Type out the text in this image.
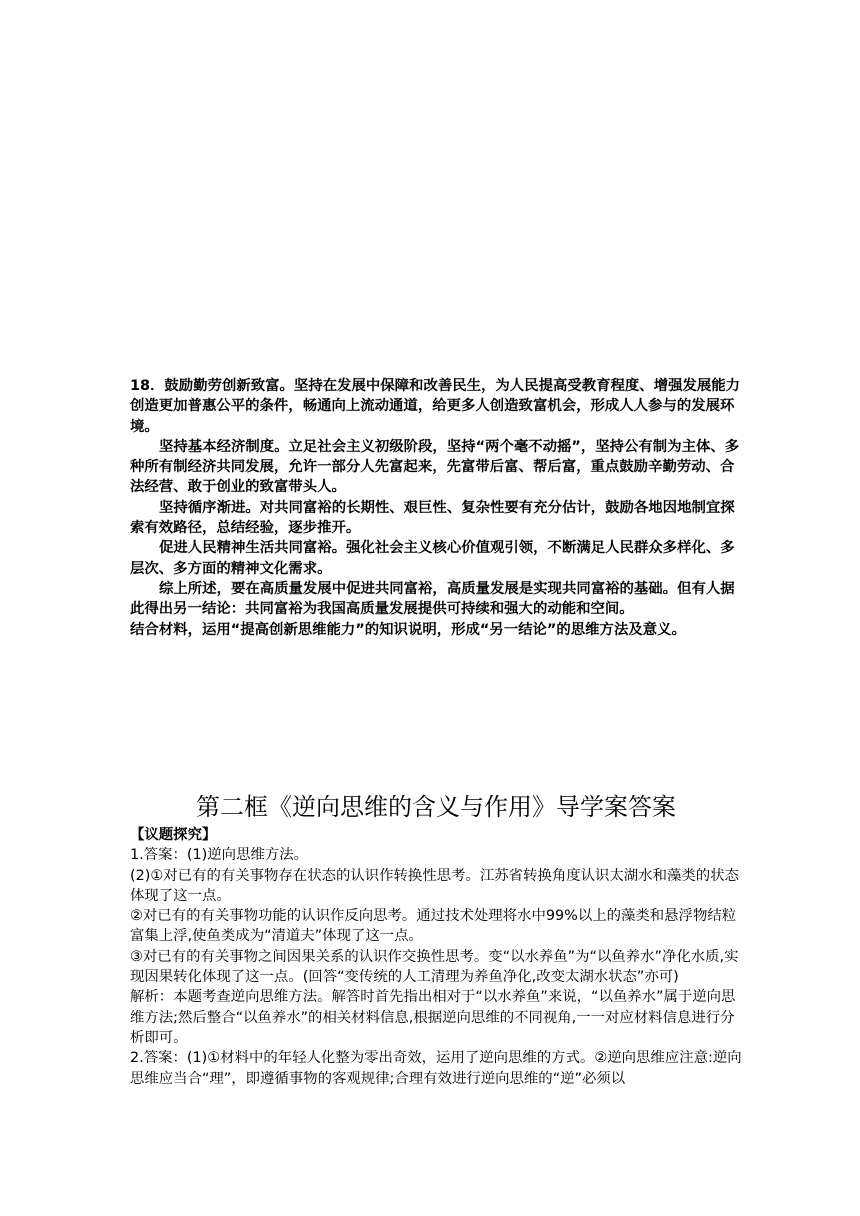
18．鼓励勤劳创新致富。坚持在发展中保障和改善民生，为人民提高受教育程度、增强发展能力创造更加普惠公平的条件，畅通向上流动通道，给更多人创造致富机会，形成人人参与的发展环境。

坚持基本经济制度。立足社会主义初级阶段，坚持“两个毫不动摇”，坚持公有制为主体、多种所有制经济共同发展，允许一部分人先富起来，先富带后富、帮后富，重点鼓励辛勤劳动、合法经营、敢于创业的致富带头人。

坚持循序渐进。对共同富裕的长期性、艰巨性、复杂性要有充分估计，鼓励各地因地制宜探索有效路径，总结经验，逐步推开。

促进人民精神生活共同富裕。强化社会主义核心价值观引领，不断满足人民群众多样化、多层次、多方面的精神文化需求。

综上所述，要在高质量发展中促进共同富裕，高质量发展是实现共同富裕的基础。但有人据此得出另一结论：共同富裕为我国高质量发展提供可持续和强大的动能和空间。

结合材料，运用“提高创新思维能力”的知识说明，形成“另一结论”的思维方法及意义。

第二框《逆向思维的含义与作用》导学案答案

【议题探究】

1.答案：(1)逆向思维方法。

(2)①对已有的有关事物存在状态的认识作转换性思考。江苏省转换角度认识太湖水和藻类的状态体现了这一点。

②对已有的有关事物功能的认识作反向思考。通过技术处理将水中99%以上的藻类和悬浮物结粒富集上浮,使鱼类成为“清道夫”体现了这一点。

③对已有的有关事物之间因果关系的认识作交换性思考。变“以水养鱼”为“以鱼养水”净化水质,实现因果转化体现了这一点。(回答“变传统的人工清理为养鱼净化,改变太湖水状态”亦可)

解析：本题考查逆向思维方法。解答时首先指出相对于“以水养鱼”来说，“以鱼养水”属于逆向思维方法;然后整合“以鱼养水”的相关材料信息,根据逆向思维的不同视角,一一对应材料信息进行分析即可。

2.答案：(1)①材料中的年轻人化整为零出奇效，运用了逆向思维的方式。②逆向思维应注意:逆向思维应当合“理”，即遵循事物的客观规律;合理有效进行逆向思维的“逆”必须以
